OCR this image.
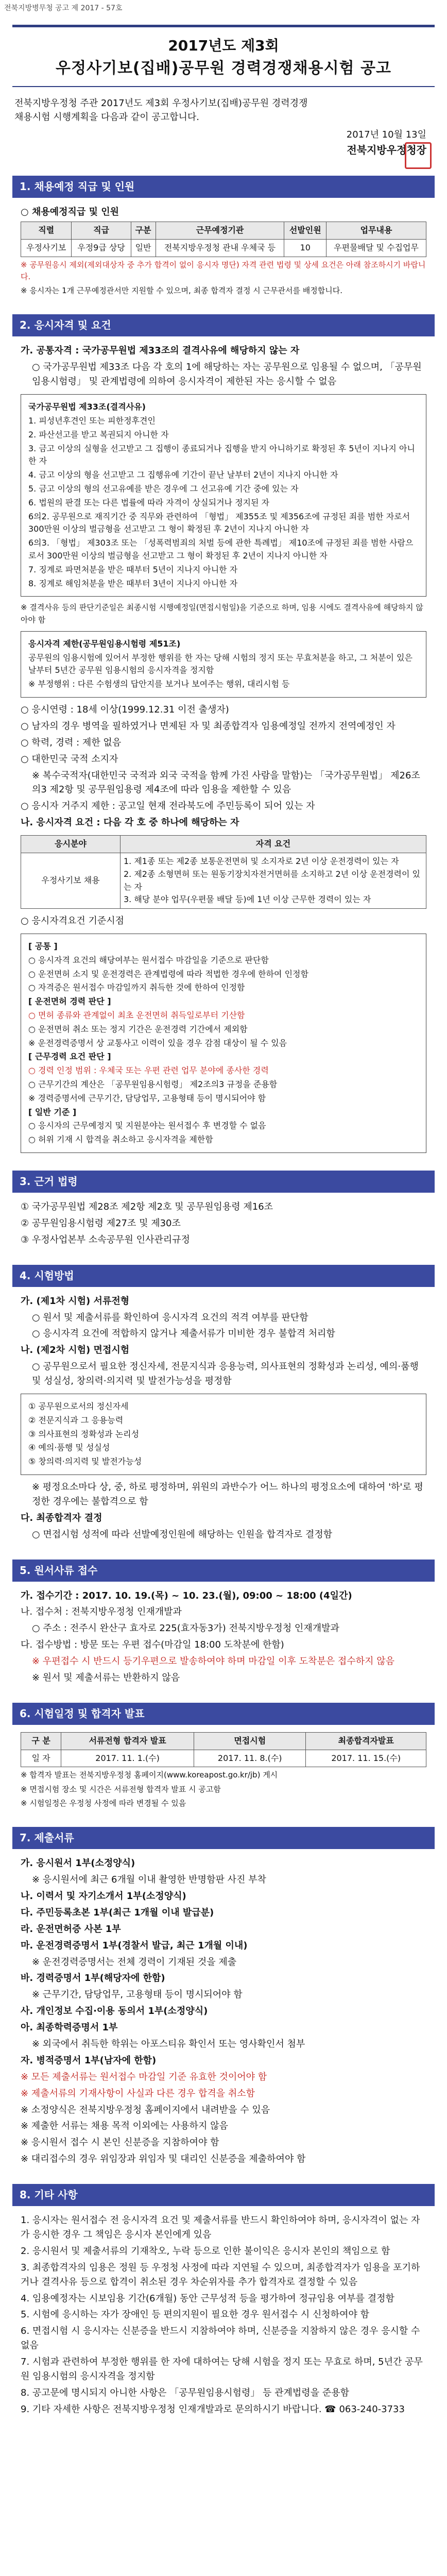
전북지방병무청 공고 제 2017 - 57호
2017년도 제3회
우정사기보(집배)공무원 경력경쟁채용시험 공고

전북지방우정청 주관 2017년도 제3회 우정사기보(집배)공무원 경력경쟁

채용시험 시행계획을 다음과 같이 공고합니다.

2017년 10월 13일
전북지방우정청장
1. 채용예정 직급 및 인원
○ 채용예정직급 및 인원
직렬	직급	구분	근무예정기관	선발인원	업무내용
우정사기보	우정9급 상당	일반	전북지방우정청 관내 우체국 등	10	우편물배달 및 수집업무

※ 공무원응시 제외(제외대상자 중 추가 합격이 없이 응시자 명단) 자격 관련 법령 및 상세 요건은 아래 참조하시기 바랍니다.

※ 응시자는 1개 근무예정관서만 지원할 수 있으며, 최종 합격자 결정 시 근무관서를 배정합니다.

2. 응시자격 및 요건

가. 공통자격 : 국가공무원법 제33조의 결격사유에 해당하지 않는 자

○ 국가공무원법 제33조 다음 각 호의 1에 해당하는 자는 공무원으로 임용될 수 없으며, 「공무원임용시험령」 및 관계법령에 의하여 응시자격이 제한된 자는 응시할 수 없음

국가공무원법 제33조(결격사유)

1. 피성년후견인 또는 피한정후견인

2. 파산선고를 받고 복권되지 아니한 자

3. 금고 이상의 실형을 선고받고 그 집행이 종료되거나 집행을 받지 아니하기로 확정된 후 5년이 지나지 아니한 자

4. 금고 이상의 형을 선고받고 그 집행유예 기간이 끝난 날부터 2년이 지나지 아니한 자

5. 금고 이상의 형의 선고유예를 받은 경우에 그 선고유예 기간 중에 있는 자

6. 법원의 판결 또는 다른 법률에 따라 자격이 상실되거나 정지된 자

6의2. 공무원으로 재직기간 중 직무와 관련하여 「형법」 제355조 및 제356조에 규정된 죄를 범한 자로서 300만원 이상의 벌금형을 선고받고 그 형이 확정된 후 2년이 지나지 아니한 자

6의3. 「형법」 제303조 또는 「성폭력범죄의 처벌 등에 관한 특례법」 제10조에 규정된 죄를 범한 사람으로서 300만원 이상의 벌금형을 선고받고 그 형이 확정된 후 2년이 지나지 아니한 자

7. 징계로 파면처분을 받은 때부터 5년이 지나지 아니한 자

8. 징계로 해임처분을 받은 때부터 3년이 지나지 아니한 자

※ 결격사유 등의 판단기준일은 최종시험 시행예정일(면접시험일)을 기준으로 하며, 임용 시에도 결격사유에 해당하지 않아야 함

응시자격 제한(공무원임용시험령 제51조)

공무원의 임용시험에 있어서 부정한 행위를 한 자는 당해 시험의 정지 또는 무효처분을 하고, 그 처분이 있은 날부터 5년간 공무원 임용시험의 응시자격을 정지함

※ 부정행위 : 다른 수험생의 답안지를 보거나 보여주는 행위, 대리시험 등

○ 응시연령 : 18세 이상(1999.12.31 이전 출생자)

○ 남자의 경우 병역을 필하였거나 면제된 자 및 최종합격자 임용예정일 전까지 전역예정인 자

○ 학력, 경력 : 제한 없음

○ 대한민국 국적 소지자

※ 복수국적자(대한민국 국적과 외국 국적을 함께 가진 사람을 말함)는 「국가공무원법」 제26조의3 제2항 및 공무원임용령 제4조에 따라 임용을 제한할 수 있음

○ 응시자 거주지 제한 : 공고일 현재 전라북도에 주민등록이 되어 있는 자

나. 응시자격 요건 : 다음 각 호 중 하나에 해당하는 자

응시분야	자격 요건
우정사기보 채용	1. 제1종 또는 제2종 보통운전면허 및 소지자로 2년 이상 운전경력이 있는 자
2. 제2종 소형면허 또는 원동기장치자전거면허를 소지하고 2년 이상 운전경력이 있는 자
3. 해당 분야 업무(우편물 배달 등)에 1년 이상 근무한 경력이 있는 자

○ 응시자격요건 기준시점

[ 공통 ]

○ 응시자격 요건의 해당여부는 원서접수 마감일을 기준으로 판단함

○ 운전면허 소지 및 운전경력은 관계법령에 따라 적법한 경우에 한하여 인정함

○ 자격증은 원서접수 마감일까지 취득한 것에 한하여 인정함

[ 운전면허 경력 판단 ]

○ 면허 종류와 관계없이 최초 운전면허 취득일로부터 기산함

○ 운전면허 취소 또는 정지 기간은 운전경력 기간에서 제외함

※ 운전경력증명서 상 교통사고 이력이 있을 경우 감점 대상이 될 수 있음

[ 근무경력 요건 판단 ]

○ 경력 인정 범위 : 우체국 또는 우편 관련 업무 분야에 종사한 경력

○ 근무기간의 계산은 「공무원임용시험령」 제2조의3 규정을 준용함

※ 경력증명서에 근무기간, 담당업무, 고용형태 등이 명시되어야 함

[ 일반 기준 ]

○ 응시자의 근무예정지 및 지원분야는 원서접수 후 변경할 수 없음

○ 허위 기재 시 합격을 취소하고 응시자격을 제한함

3. 근거 법령

① 국가공무원법 제28조 제2항 제2호 및 공무원임용령 제16조

② 공무원임용시험령 제27조 및 제30조

③ 우정사업본부 소속공무원 인사관리규정

4. 시험방법

가. (제1차 시험) 서류전형

○ 원서 및 제출서류를 확인하여 응시자격 요건의 적격 여부를 판단함

○ 응시자격 요건에 적합하지 않거나 제출서류가 미비한 경우 불합격 처리함

나. (제2차 시험) 면접시험

○ 공무원으로서 필요한 정신자세, 전문지식과 응용능력, 의사표현의 정확성과 논리성, 예의·품행 및 성실성, 창의력·의지력 및 발전가능성을 평정함

① 공무원으로서의 정신자세

② 전문지식과 그 응용능력

③ 의사표현의 정확성과 논리성

④ 예의·품행 및 성실성

⑤ 창의력·의지력 및 발전가능성

※ 평정요소마다 상, 중, 하로 평정하며, 위원의 과반수가 어느 하나의 평정요소에 대하여 '하'로 평정한 경우에는 불합격으로 함

다. 최종합격자 결정

○ 면접시험 성적에 따라 선발예정인원에 해당하는 인원을 합격자로 결정함

5. 원서사류 접수

가. 접수기간 : 2017. 10. 19.(목) ~ 10. 23.(월), 09:00 ~ 18:00 (4일간)

나. 접수처 : 전북지방우정청 인재개발과

○ 주소 : 전주시 완산구 효자로 225(효자동3가) 전북지방우정청 인재개발과

다. 접수방법 : 방문 또는 우편 접수(마감일 18:00 도착분에 한함)

※ 우편접수 시 반드시 등기우편으로 발송하여야 하며 마감일 이후 도착분은 접수하지 않음

※ 원서 및 제출서류는 반환하지 않음

6. 시험일정 및 합격자 발표
구 분	서류전형 합격자 발표	면접시험	최종합격자발표
일 자	2017. 11. 1.(수)	2017. 11. 8.(수)	2017. 11. 15.(수)

※ 합격자 발표는 전북지방우정청 홈페이지(www.koreapost.go.kr/jb) 게시

※ 면접시험 장소 및 시간은 서류전형 합격자 발표 시 공고함

※ 시험일정은 우정청 사정에 따라 변경될 수 있음

7. 제출서류

가. 응시원서 1부(소정양식)

※ 응시원서에 최근 6개월 이내 촬영한 반명함판 사진 부착

나. 이력서 및 자기소개서 1부(소정양식)

다. 주민등록초본 1부(최근 1개월 이내 발급분)

라. 운전면허증 사본 1부

마. 운전경력증명서 1부(경찰서 발급, 최근 1개월 이내)

※ 운전경력증명서는 전체 경력이 기재된 것을 제출

바. 경력증명서 1부(해당자에 한함)

※ 근무기간, 담당업무, 고용형태 등이 명시되어야 함

사. 개인정보 수집·이용 동의서 1부(소정양식)

아. 최종학력증명서 1부

※ 외국에서 취득한 학위는 아포스티유 확인서 또는 영사확인서 첨부

자. 병적증명서 1부(남자에 한함)

※ 모든 제출서류는 원서접수 마감일 기준 유효한 것이어야 함

※ 제출서류의 기재사항이 사실과 다른 경우 합격을 취소함

※ 소정양식은 전북지방우정청 홈페이지에서 내려받을 수 있음

※ 제출한 서류는 채용 목적 이외에는 사용하지 않음

※ 응시원서 접수 시 본인 신분증을 지참하여야 함

※ 대리접수의 경우 위임장과 위임자 및 대리인 신분증을 제출하여야 함

8. 기타 사항

1. 응시자는 원서접수 전 응시자격 요건 및 제출서류를 반드시 확인하여야 하며, 응시자격이 없는 자가 응시한 경우 그 책임은 응시자 본인에게 있음

2. 응시원서 및 제출서류의 기재착오, 누락 등으로 인한 불이익은 응시자 본인의 책임으로 함

3. 최종합격자의 임용은 정원 등 우정청 사정에 따라 지연될 수 있으며, 최종합격자가 임용을 포기하거나 결격사유 등으로 합격이 취소된 경우 차순위자를 추가 합격자로 결정할 수 있음

4. 임용예정자는 시보임용 기간(6개월) 동안 근무성적 등을 평가하여 정규임용 여부를 결정함

5. 시험에 응시하는 자가 장애인 등 편의지원이 필요한 경우 원서접수 시 신청하여야 함

6. 면접시험 시 응시자는 신분증을 반드시 지참하여야 하며, 신분증을 지참하지 않은 경우 응시할 수 없음

7. 시험과 관련하여 부정한 행위를 한 자에 대하여는 당해 시험을 정지 또는 무효로 하며, 5년간 공무원 임용시험의 응시자격을 정지함

8. 공고문에 명시되지 아니한 사항은 「공무원임용시험령」 등 관계법령을 준용함

9. 기타 자세한 사항은 전북지방우정청 인재개발과로 문의하시기 바랍니다. ☎ 063-240-3733
